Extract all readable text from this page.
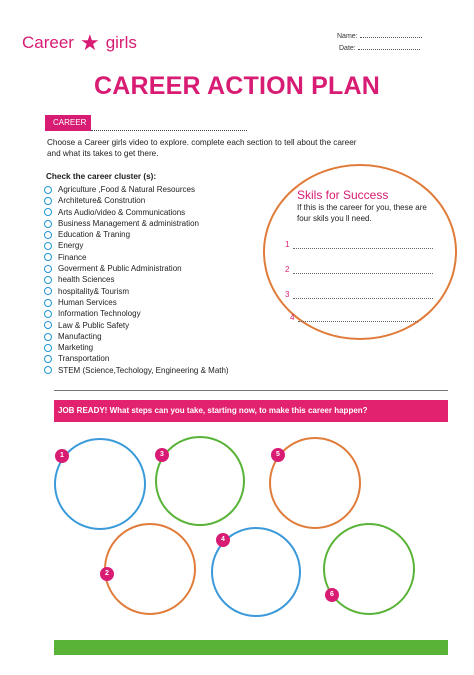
Career ★ girls	Name:
Date:
CAREER ACTION PLAN
CAREER
Choose a Career girls video to explore. complete each section to tell about the career and what its takes to get there.
Check the career cluster (s):
Agriculture ,Food & Natural Resources
Architeture& Constrution
Arts Audio/video & Communications
Business Management & administration
Education & Traning
Energy
Finance
Goverment & Public Administration
health Sciences
hospitality& Tourism
Human Services
Information Technology
Law & Public Safety
Manufacting
Marketing
Transportation
STEM (Science,Techology, Engineering & Math)
Skils for Success
If this is the career for you, these are four skils you ll need.
1
2
3
4
JOB READY! What steps can you take, starting now, to make this career happen?
1
2
3
4
5
6
